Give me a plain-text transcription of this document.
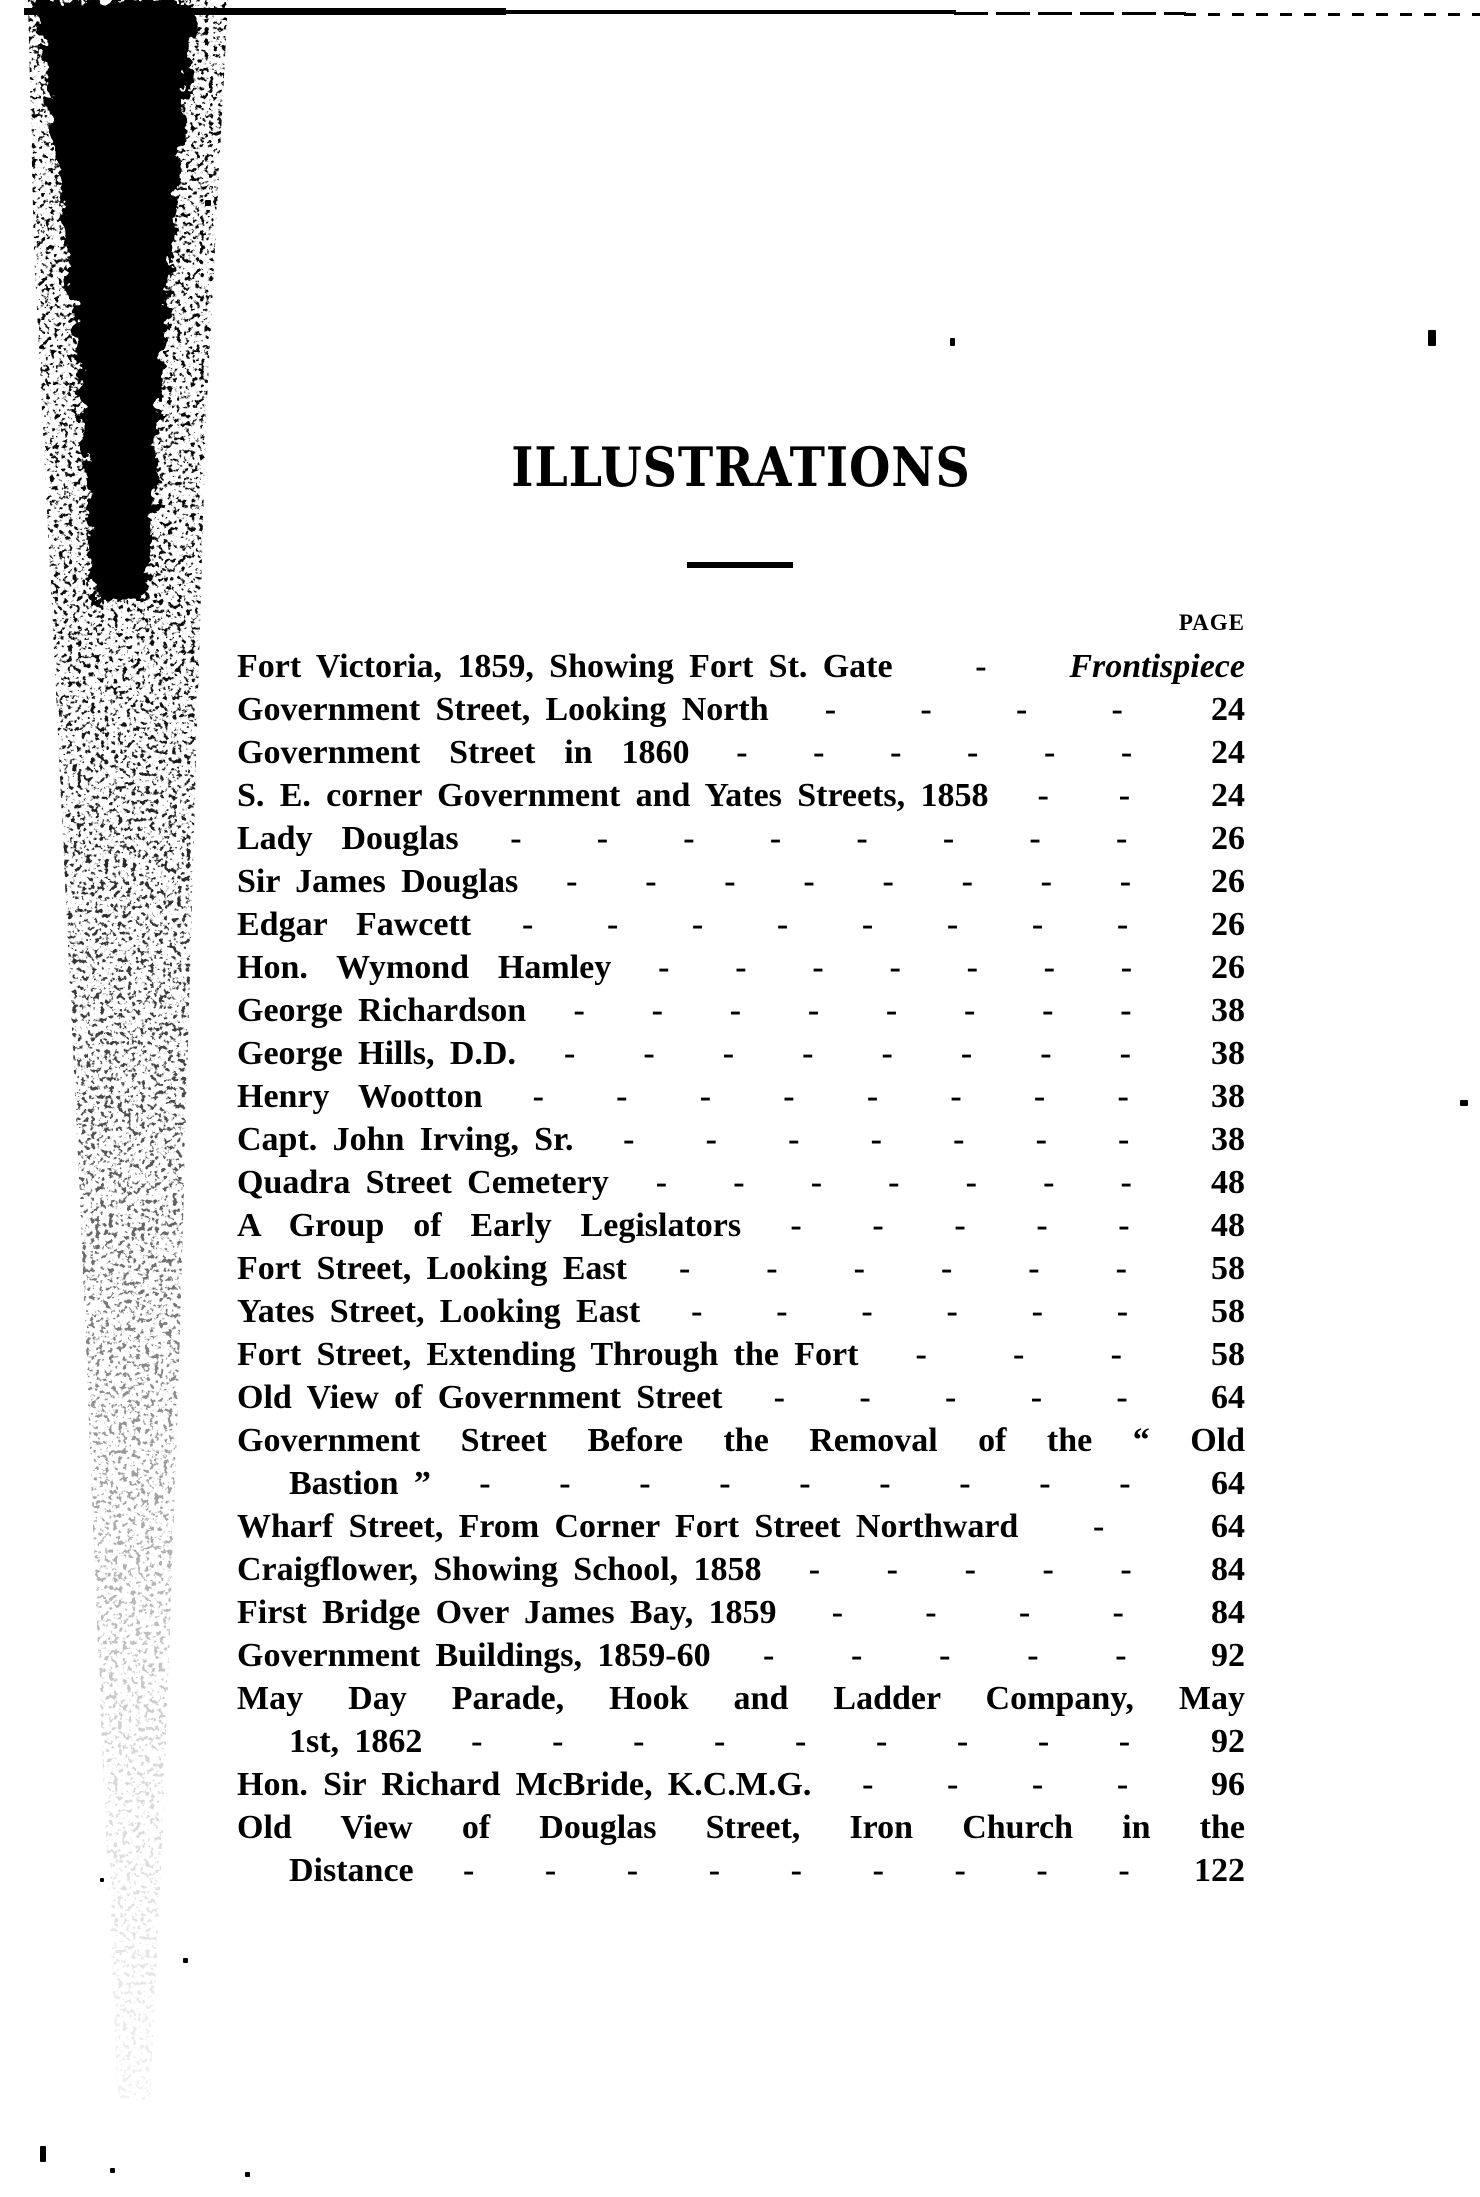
ILLUSTRATIONS
PAGE
Fort Victoria, 1859, Showing Fort St. Gate - Frontispiece
Government Street, Looking North - - - -	24
Government Street in 1860 - - - - - -	24
S. E. corner Government and Yates Streets, 1858 - -	24
Lady Douglas - - - - - - - -	26
Sir James Douglas - - - - - - - -	26
Edgar Fawcett - - - - - - - -	26
Hon. Wymond Hamley - - - - - - -	26
George Richardson - - - - - - - -	38
George Hills, D.D. - - - - - - - -	38
Henry Wootton - - - - - - - -	38
Capt. John Irving, Sr. - - - - - - -	38
Quadra Street Cemetery - - - - - - -	48
A Group of Early Legislators - - - - -	48
Fort Street, Looking East - - - - - -	58
Yates Street, Looking East - - - - - -	58
Fort Street, Extending Through the Fort -	-	-	58
Old View of Government Street - - - - -	64
Government Street Before the Removal of the “ Old
Bastion ” - - - - - - - - -	64
Wharf Street, From Corner Fort Street Northward -	64
Craigflower, Showing School, 1858 - - - - -	84
First Bridge Over James Bay, 1859 - - - -	84
Government Buildings, 1859-60 - - - - -	92
May Day Parade, Hook and Ladder Company, May
1st, 1862 - - - - - - - - -	92
Hon. Sir Richard McBride, K.C.M.G. - - - -	96
Old View of Douglas Street, Iron Church in the
Distance - - - - - - - - -	122
